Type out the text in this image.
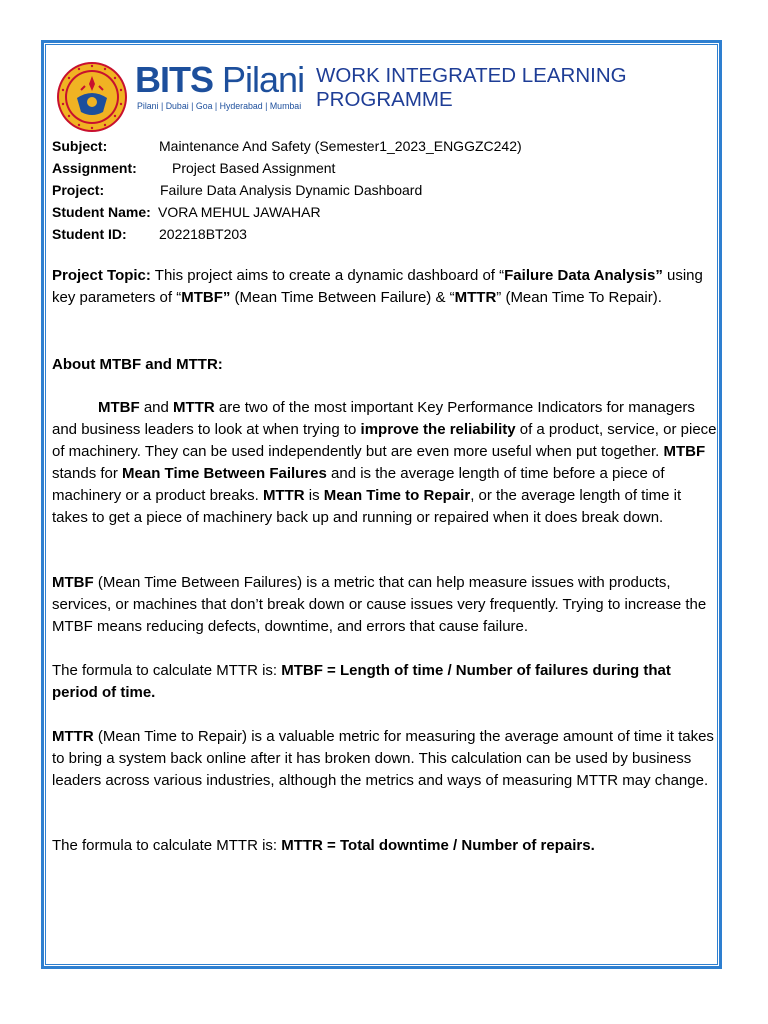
BITS Pilani
Pilani | Dubai | Goa | Hyderabad | Mumbai
WORK INTEGRATED LEARNING PROGRAMME
Subject:	Maintenance And Safety (Semester1_2023_ENGGZC242)
Assignment:	Project Based Assignment
Project:	Failure Data Analysis Dynamic Dashboard
Student Name: VORA MEHUL JAWAHAR
Student ID: 202218BT203
Project Topic: This project aims to create a dynamic dashboard of “Failure Data Analysis” using key parameters of “MTBF” (Mean Time Between Failure) & “MTTR” (Mean Time To Repair).
About MTBF and MTTR:
MTBF and MTTR are two of the most important Key Performance Indicators for managers and business leaders to look at when trying to improve the reliability of a product, service, or piece of machinery. They can be used independently but are even more useful when put together. MTBF stands for Mean Time Between Failures and is the average length of time before a piece of machinery or a product breaks. MTTR is Mean Time to Repair, or the average length of time it takes to get a piece of machinery back up and running or repaired when it does break down.
MTBF (Mean Time Between Failures) is a metric that can help measure issues with products, services, or machines that don’t break down or cause issues very frequently. Trying to increase the MTBF means reducing defects, downtime, and errors that cause failure.
The formula to calculate MTTR is: MTBF = Length of time / Number of failures during that period of time.
MTTR (Mean Time to Repair) is a valuable metric for measuring the average amount of time it takes to bring a system back online after it has broken down. This calculation can be used by business leaders across various industries, although the metrics and ways of measuring MTTR may change.
The formula to calculate MTTR is: MTTR = Total downtime / Number of repairs.
